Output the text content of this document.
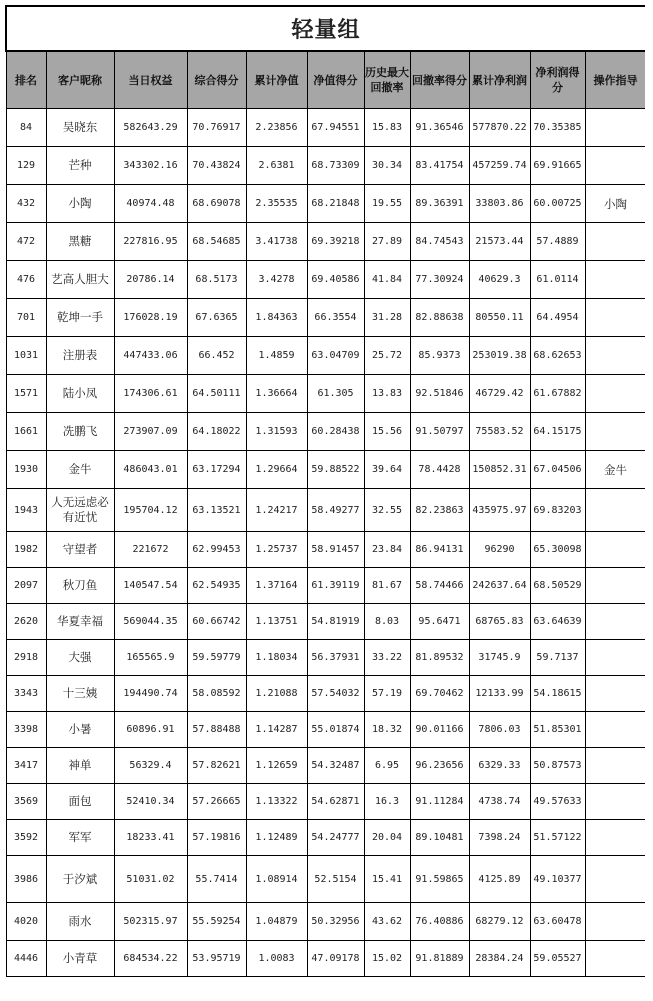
轻量组										
排名	客户昵称	当日权益	综合得分	累计净值	净值得分	历史最大回撤率	回撤率得分	累计净利润	净利润得分	操作指导
84	吴晓东	582643.29	70.76917	2.23856	67.94551	15.83	91.36546	577870.22	70.35385	
129	芒种	343302.16	70.43824	2.6381	68.73309	30.34	83.41754	457259.74	69.91665	
432	小陶	40974.48	68.69078	2.35535	68.21848	19.55	89.36391	33803.86	60.00725	小陶
472	黑糖	227816.95	68.54685	3.41738	69.39218	27.89	84.74543	21573.44	57.4889	
476	艺高人胆大	20786.14	68.5173	3.4278	69.40586	41.84	77.30924	40629.3	61.0114	
701	乾坤一手	176028.19	67.6365	1.84363	66.3554	31.28	82.88638	80550.11	64.4954	
1031	注册表	447433.06	66.452	1.4859	63.04709	25.72	85.9373	253019.38	68.62653	
1571	陆小凤	174306.61	64.50111	1.36664	61.305	13.83	92.51846	46729.42	61.67882	
1661	冼鹏飞	273907.09	64.18022	1.31593	60.28438	15.56	91.50797	75583.52	64.15175	
1930	金牛	486043.01	63.17294	1.29664	59.88522	39.64	78.4428	150852.31	67.04506	金牛
1943	人无远虑必有近忧	195704.12	63.13521	1.24217	58.49277	32.55	82.23863	435975.97	69.83203	
1982	守望者	221672	62.99453	1.25737	58.91457	23.84	86.94131	96290	65.30098	
2097	秋刀鱼	140547.54	62.54935	1.37164	61.39119	81.67	58.74466	242637.64	68.50529	
2620	华夏幸福	569044.35	60.66742	1.13751	54.81919	8.03	95.6471	68765.83	63.64639	
2918	大强	165565.9	59.59779	1.18034	56.37931	33.22	81.89532	31745.9	59.7137	
3343	十三姨	194490.74	58.08592	1.21088	57.54032	57.19	69.70462	12133.99	54.18615	
3398	小暑	60896.91	57.88488	1.14287	55.01874	18.32	90.01166	7806.03	51.85301	
3417	神单	56329.4	57.82621	1.12659	54.32487	6.95	96.23656	6329.33	50.87573	
3569	面包	52410.34	57.26665	1.13322	54.62871	16.3	91.11284	4738.74	49.57633	
3592	军军	18233.41	57.19816	1.12489	54.24777	20.04	89.10481	7398.24	51.57122	
3986	于汐斌	51031.02	55.7414	1.08914	52.5154	15.41	91.59865	4125.89	49.10377	
4020	雨水	502315.97	55.59254	1.04879	50.32956	43.62	76.40886	68279.12	63.60478	
4446	小青草	684534.22	53.95719	1.0083	47.09178	15.02	91.81889	28384.24	59.05527	
